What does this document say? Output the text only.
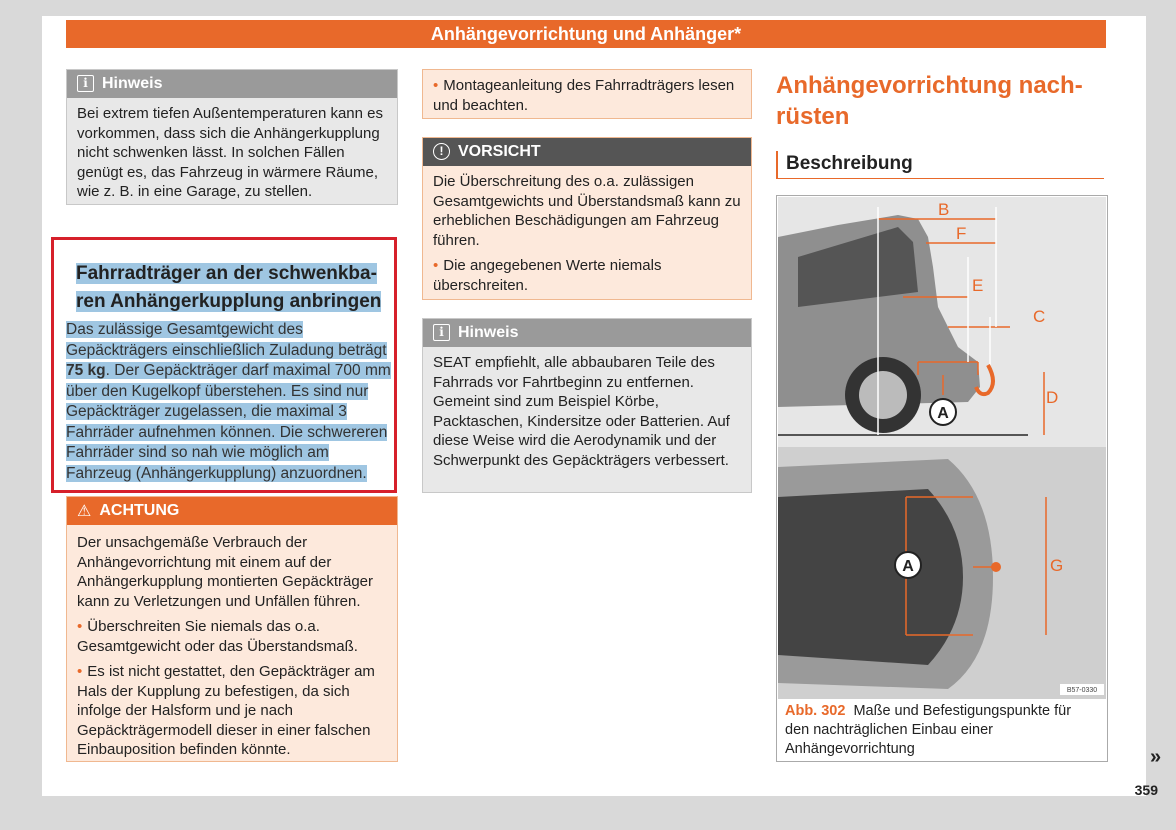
Anhängevorrichtung und Anhänger*
i Hinweis
Bei extrem tiefen Außentemperaturen kann es vorkommen, dass sich die Anhängerkupplung nicht schwenken lässt. In solchen Fällen genügt es, das Fahrzeug in wärmere Räume, wie z. B. in eine Garage, zu stellen.
Fahrradträger an der schwenkba-
ren Anhängerkupplung anbringen
Das zulässige Gesamtgewicht des Gepäckträgers einschließlich Zuladung beträgt 75 kg. Der Gepäckträger darf maximal 700 mm über den Kugelkopf überstehen. Es sind nur Gepäckträger zugelassen, die maximal 3 Fahrräder aufnehmen können. Die schwereren Fahrräder sind so nah wie möglich am Fahrzeug (Anhängerkupplung) anzuordnen.
⚠ ACHTUNG
Der unsachgemäße Verbrauch der Anhängevorrichtung mit einem auf der Anhängerkupplung montierten Gepäckträger kann zu Verletzungen und Unfällen führen.
• Überschreiten Sie niemals das o.a. Gesamtgewicht oder das Überstandsmaß.
• Es ist nicht gestattet, den Gepäckträger am Hals der Kupplung zu befestigen, da sich infolge der Halsform und je nach Gepäckträgermodell dieser in einer falschen Einbauposition befinden könnte.
• Montageanleitung des Fahrradträgers lesen und beachten.
! VORSICHT
Die Überschreitung des o.a. zulässigen Gesamtgewichts und Überstandsmaß kann zu erheblichen Beschädigungen am Fahrzeug führen.
• Die angegebenen Werte niemals überschreiten.
i Hinweis
SEAT empfiehlt, alle abbaubaren Teile des Fahrrads vor Fahrtbeginn zu entfernen. Gemeint sind zum Beispiel Körbe, Packtaschen, Kindersitze oder Batterien. Auf diese Weise wird die Aerodynamik und der Schwerpunkt des Gepäckträgers verbessert.
Anhängevorrichtung nach-
rüsten
Beschreibung
A
B
F
E
C
D
A	G
B57-0330
Abb. 302 Maße und Befestigungspunkte für den nachträglichen Einbau einer Anhängevorrichtung	»
359
